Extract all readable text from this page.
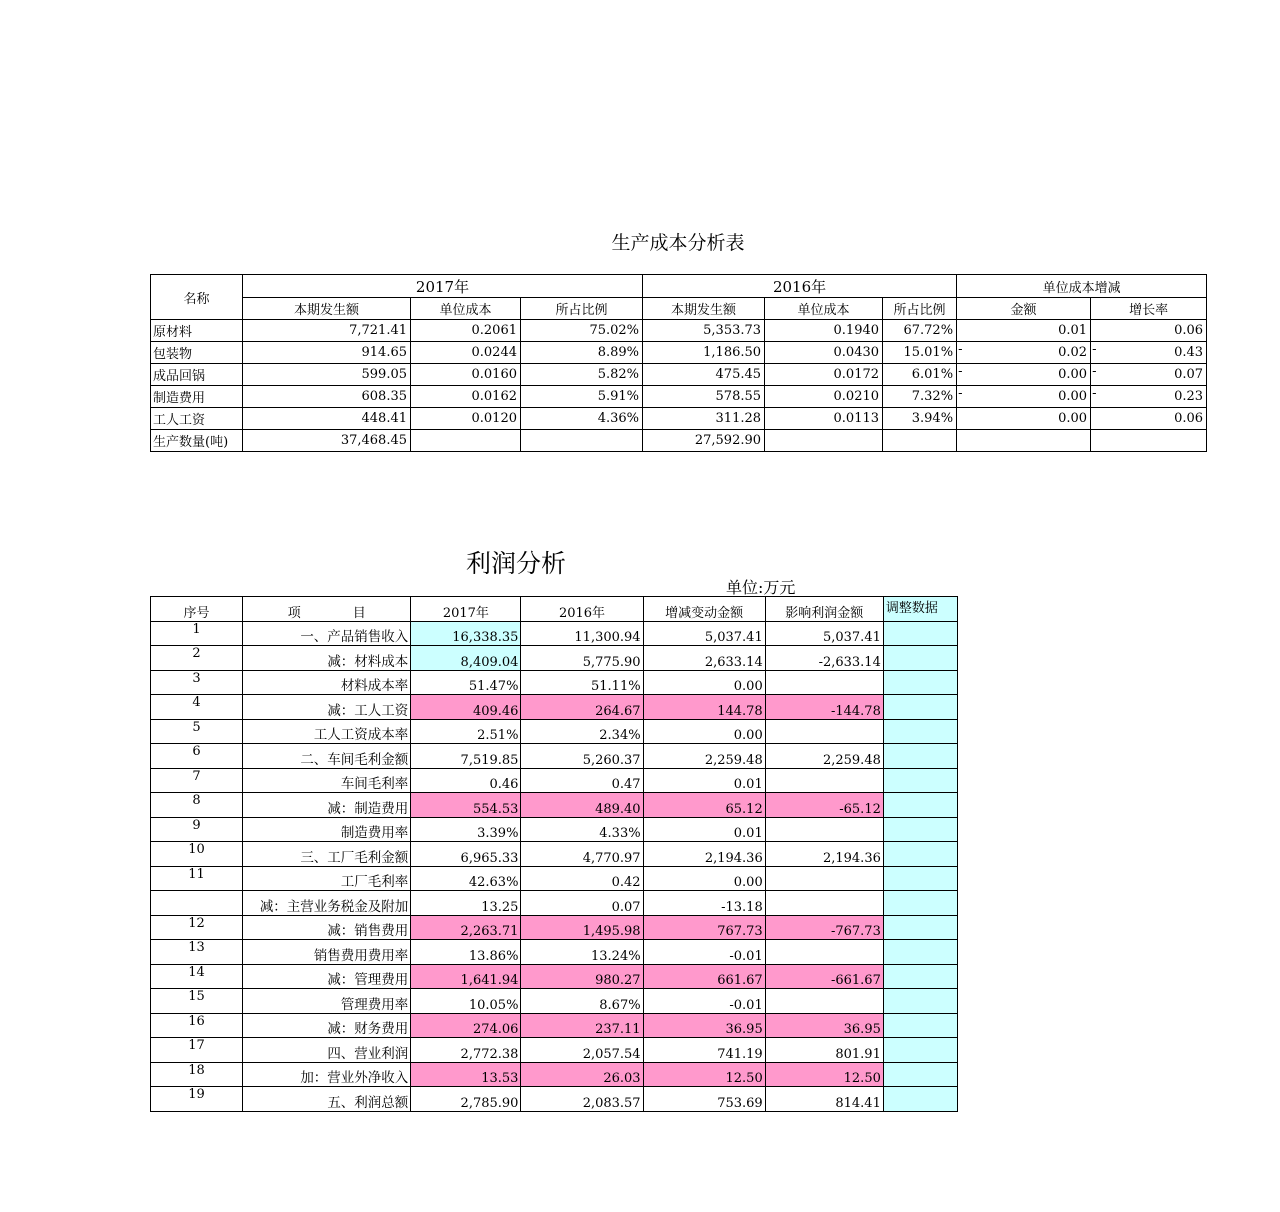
生产成本分析表
名称	2017年			2016年			单位成本增减	
	本期发生额	单位成本	所占比例	本期发生额	单位成本	所占比例	金额	增长率
原材料	7,721.41	0.2061	75.02%	5,353.73	0.1940	67.72%	0.01	0.06
包装物	914.65	0.0244	8.89%	1,186.50	0.0430	15.01%	- 0.02	- 0.43
成品回锅	599.05	0.0160	5.82%	475.45	0.0172	6.01%	- 0.00	- 0.07
制造费用	608.35	0.0162	5.91%	578.55	0.0210	7.32%	- 0.00	- 0.23
工人工资	448.41	0.0120	4.36%	311.28	0.0113	3.94%	0.00	0.06
生产数量(吨)	37,468.45			27,592.90				
利润分析
单位:万元
序号	项　　　　目	2017年	2016年	增减变动金额	影响利润金额	调整数据
1	一、产品销售收入	16,338.35	11,300.94	5,037.41	5,037.41	
2	减：材料成本	8,409.04	5,775.90	2,633.14	-2,633.14	
3	材料成本率	51.47%	51.11%	0.00		
4	减：工人工资	409.46	264.67	144.78	-144.78	
5	工人工资成本率	2.51%	2.34%	0.00		
6	二、车间毛利金额	7,519.85	5,260.37	2,259.48	2,259.48	
7	车间毛利率	0.46	0.47	0.01		
8	减：制造费用	554.53	489.40	65.12	-65.12	
9	制造费用率	3.39%	4.33%	0.01		
10	三、工厂毛利金额	6,965.33	4,770.97	2,194.36	2,194.36	
11	工厂毛利率	42.63%	0.42	0.00		
	减：主营业务税金及附加	13.25	0.07	-13.18		
12	减：销售费用	2,263.71	1,495.98	767.73	-767.73	
13	销售费用费用率	13.86%	13.24%	-0.01		
14	减：管理费用	1,641.94	980.27	661.67	-661.67	
15	管理费用率	10.05%	8.67%	-0.01		
16	减：财务费用	274.06	237.11	36.95	36.95	
17	四、营业利润	2,772.38	2,057.54	741.19	801.91	
18	加：营业外净收入	13.53	26.03	12.50	12.50	
19	五、利润总额	2,785.90	2,083.57	753.69	814.41	
